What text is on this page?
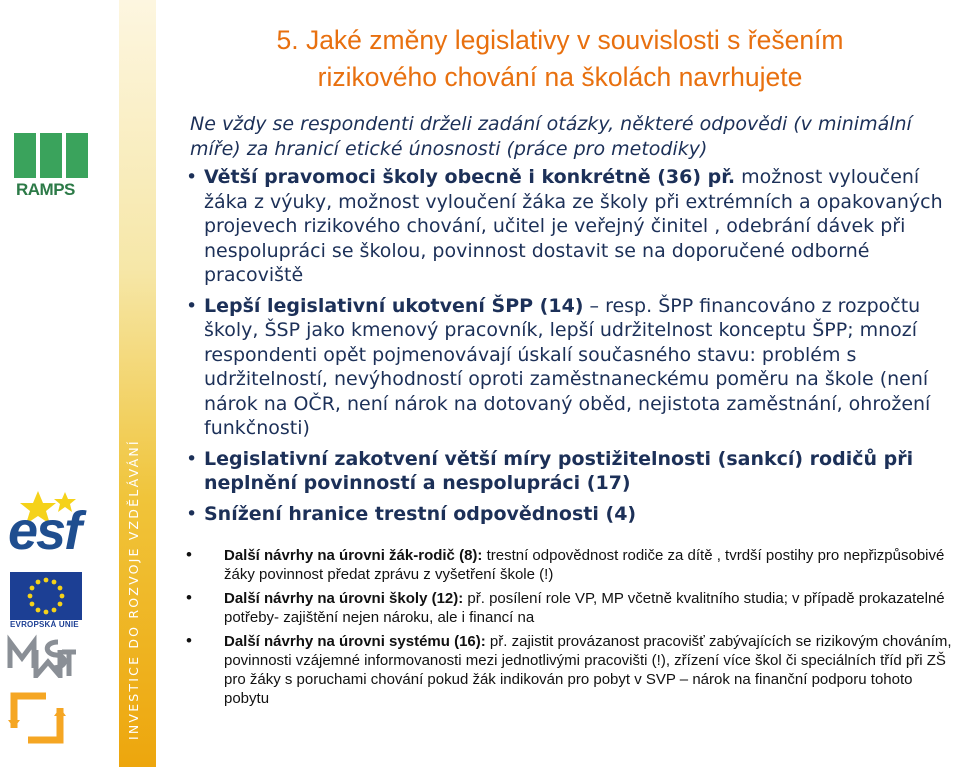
RAMPS
esf
EVROPSKÁ UNIE	INVESTICE DO ROZVOJE VZDĚLÁVÁNÍ
5. Jaké změny legislativy v souvislosti s řešením rizikového chování na školách navrhujete

Ne vždy se respondenti drželi zadání otázky, některé odpovědi (v minimální míře) za hranicí etické únosnosti (práce pro metodiky)

• Větší pravomoci školy obecně i konkrétně (36) př. možnost vyloučení žáka z výuky, možnost vyloučení žáka ze školy při extrémních a opakovaných projevech rizikového chování, učitel je veřejný činitel , odebrání dávek při nespolupráci se školou, povinnost dostavit se na doporučené odborné pracoviště
• Lepší legislativní ukotvení ŠPP (14) – resp. ŠPP financováno z rozpočtu školy, ŠSP jako kmenový pracovník, lepší udržitelnost konceptu ŠPP; mnozí respondenti opět pojmenovávají úskalí současného stavu: problém s udržitelností, nevýhodností oproti zaměstnaneckému poměru na škole (není nárok na OČR, není nárok na dotovaný oběd, nejistota zaměstnání, ohrožení funkčnosti)
• Legislativní zakotvení větší míry postižitelnosti (sankcí) rodičů při neplnění povinností a nespolupráci (17)
• Snížení hranice trestní odpovědnosti (4)
• Další návrhy na úrovni žák-rodič (8): trestní odpovědnost rodiče za dítě , tvrdší postihy pro nepřizpůsobivé žáky povinnost předat zprávu z vyšetření škole (!)
• Další návrhy na úrovni školy (12): př. posílení role VP, MP včetně kvalitního studia; v případě prokazatelné potřeby- zajištění nejen nároku, ale i financí na
• Další návrhy na úrovni systému (16): př. zajistit provázanost pracovišť zabývajících se rizikovým chováním, povinnosti vzájemné informovanosti mezi jednotlivými pracovišti (!), zřízení více škol či speciálních tříd při ZŠ pro žáky s poruchami chování pokud žák indikován pro pobyt v SVP – nárok na finanční podporu tohoto pobytu
